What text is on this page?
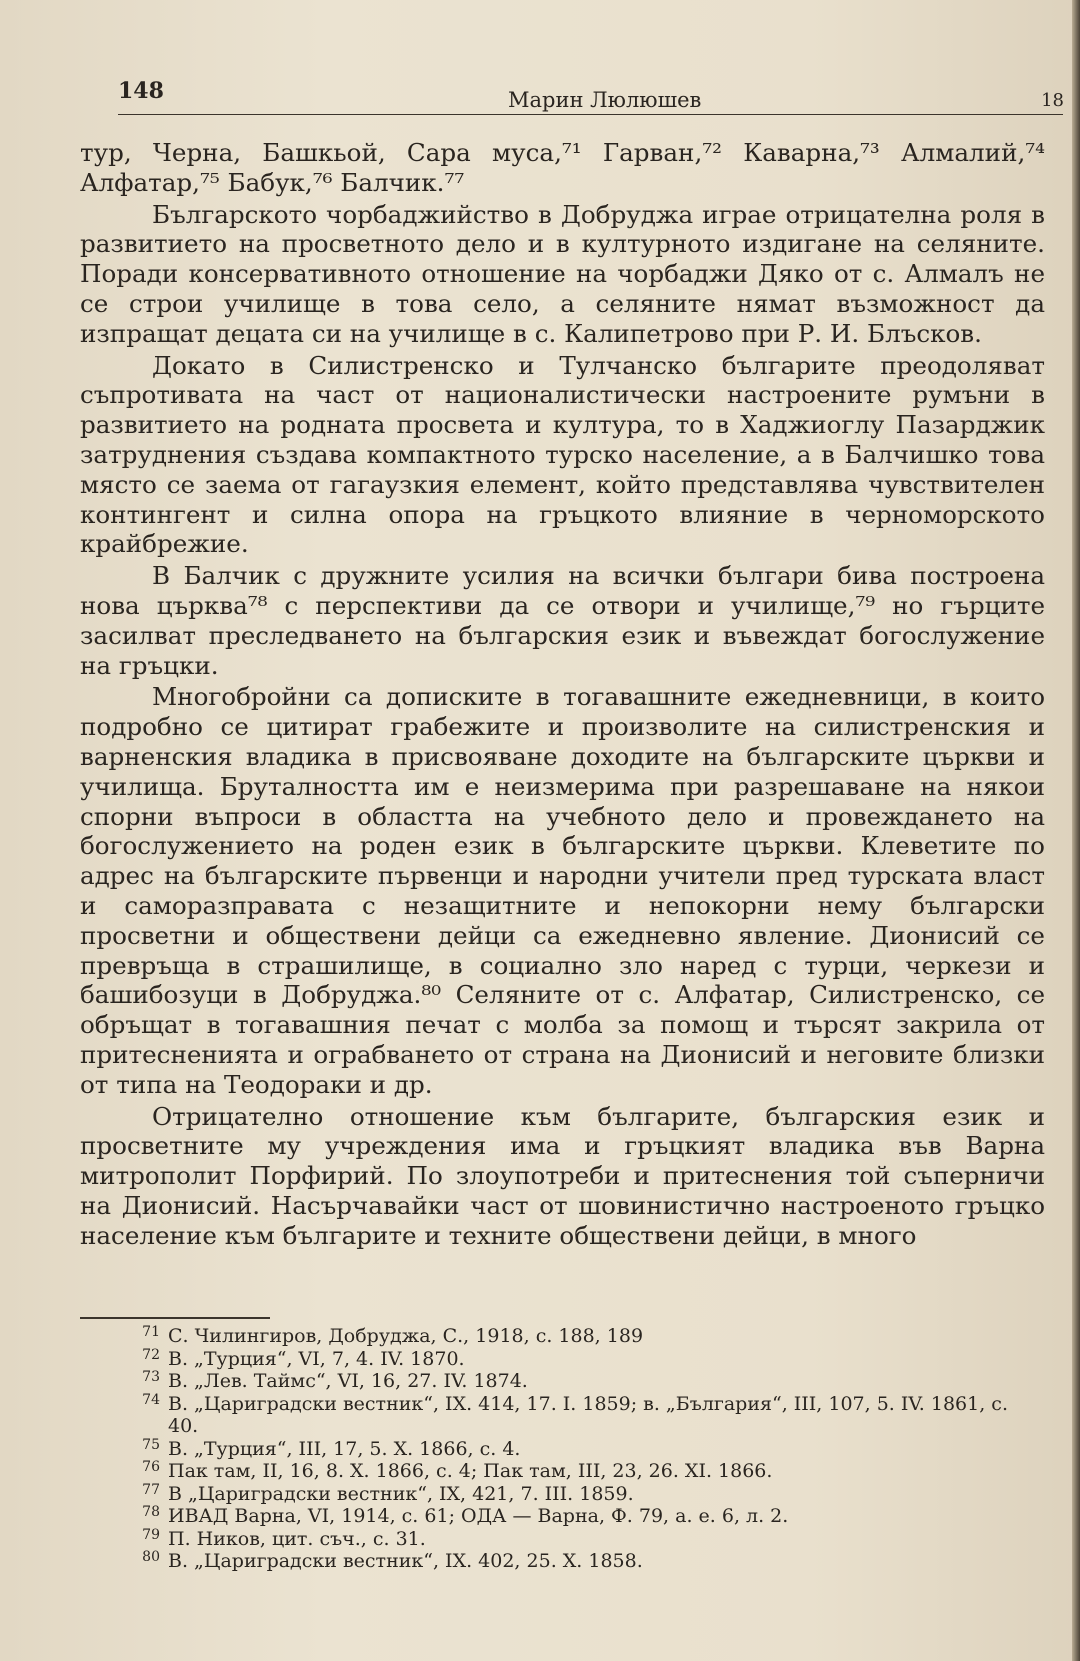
148	Марин Люлюшев	18

тур, Черна, Башкьой, Сара муса,⁷¹ Гарван,⁷² Каварна,⁷³ Алмалий,⁷⁴ Алфатар,⁷⁵ Бабук,⁷⁶ Балчик.⁷⁷

Българското чорбаджийство в Добруджа играе отрицателна роля в развитието на просветното дело и в културното издигане на селяните. Поради консервативното отношение на чорбаджи Дяко от с. Алмалъ не се строи училище в това село, а селяните нямат възможност да изпращат децата си на училище в с. Калипетрово при Р. И. Блъсков.

Докато в Силистренско и Тулчанско българите преодоляват съпротивата на част от националистически настроените румъни в развитието на родната просвета и култура, то в Хаджиоглу Пазарджик затруднения създава компактното турско население, а в Балчишко това място се заема от гагаузкия елемент, който представлява чувствителен контингент и силна опора на гръцкото влияние в черноморското крайбрежие.

В Балчик с дружните усилия на всички българи бива построена нова църква⁷⁸ с перспективи да се отвори и училище,⁷⁹ но гърците засилват преследването на българския език и въвеждат богослужение на гръцки.

Многобройни са дописките в тогавашните ежедневници, в които подробно се цитират грабежите и произволите на силистренския и варненския владика в присвояване доходите на българските църкви и училища. Бруталността им е неизмерима при разрешаване на някои спорни въпроси в областта на учебното дело и провеждането на богослужението на роден език в българските църкви. Клеветите по адрес на българските първенци и народни учители пред турската власт и саморазправата с незащитните и непокорни нему български просветни и обществени дейци са ежедневно явление. Дионисий се превръща в страшилище, в социално зло наред с турци, черкези и башибозуци в Добруджа.⁸⁰ Селяните от с. Алфатар, Силистренско, се обръщат в тогавашния печат с молба за помощ и търсят закрила от притесненията и ограбването от страна на Дионисий и неговите близки от типа на Теодораки и др.

Отрицателно отношение към българите, българския език и просветните му учреждения има и гръцкият владика във Варна митрополит Порфирий. По злоупотреби и притеснения той съперничи на Дионисий. Насърчавайки част от шовинистично настроеното гръцко население към българите и техните обществени дейци, в много

71 С. Чилингиров, Добруджа, С., 1918, с. 188, 189
72 В. „Турция“, VI, 7, 4. IV. 1870.
73 В. „Лев. Таймс“, VI, 16, 27. IV. 1874.
74 В. „Цариградски вестник“, IX. 414, 17. I. 1859; в. „България“, III, 107, 5. IV. 1861, с. 40.
75 В. „Турция“, III, 17, 5. X. 1866, с. 4.
76 Пак там, II, 16, 8. X. 1866, с. 4; Пак там, III, 23, 26. XI. 1866.
77 В „Цариградски вестник“, IX, 421, 7. III. 1859.
78 ИВАД Варна, VI, 1914, с. 61; ОДА — Варна, Ф. 79, а. е. 6, л. 2.
79 П. Ников, цит. съч., с. 31.
80 В. „Цариградски вестник“, IX. 402, 25. X. 1858.
